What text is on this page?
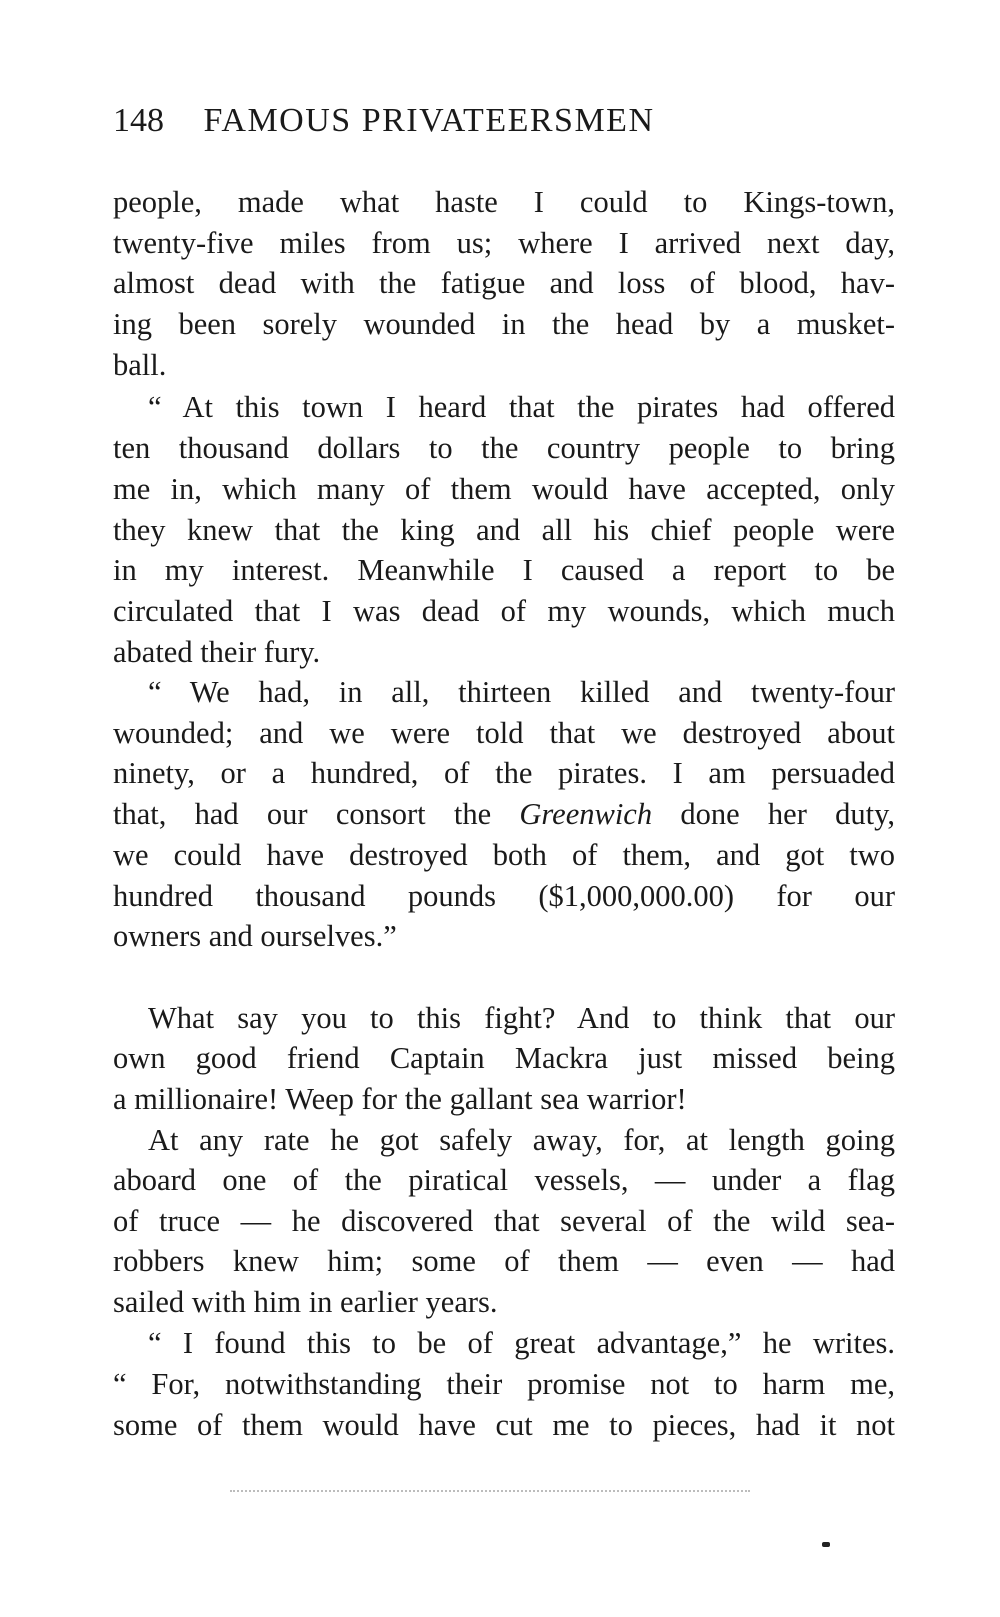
148 FAMOUS PRIVATEERSMEN
people, made what haste I could to Kings-town,
twenty-five miles from us; where I arrived next day,
almost dead with the fatigue and loss of blood, hav-
ing been sorely wounded in the head by a musket-
ball.
“ At this town I heard that the pirates had offered
ten thousand dollars to the country people to bring
me in, which many of them would have accepted, only
they knew that the king and all his chief people were
in my interest. Meanwhile I caused a report to be
circulated that I was dead of my wounds, which much
abated their fury.
“ We had, in all, thirteen killed and twenty-four
wounded; and we were told that we destroyed about
ninety, or a hundred, of the pirates. I am persuaded
that, had our consort the Greenwich done her duty,
we could have destroyed both of them, and got two
hundred thousand pounds ($1,000,000.00) for our
owners and ourselves.”
What say you to this fight? And to think that our
own good friend Captain Mackra just missed being
a millionaire! Weep for the gallant sea warrior!
At any rate he got safely away, for, at length going
aboard one of the piratical vessels, — under a flag
of truce — he discovered that several of the wild sea-
robbers knew him; some of them — even — had
sailed with him in earlier years.
“ I found this to be of great advantage,” he writes.
“ For, notwithstanding their promise not to harm me,
some of them would have cut me to pieces, had it not
